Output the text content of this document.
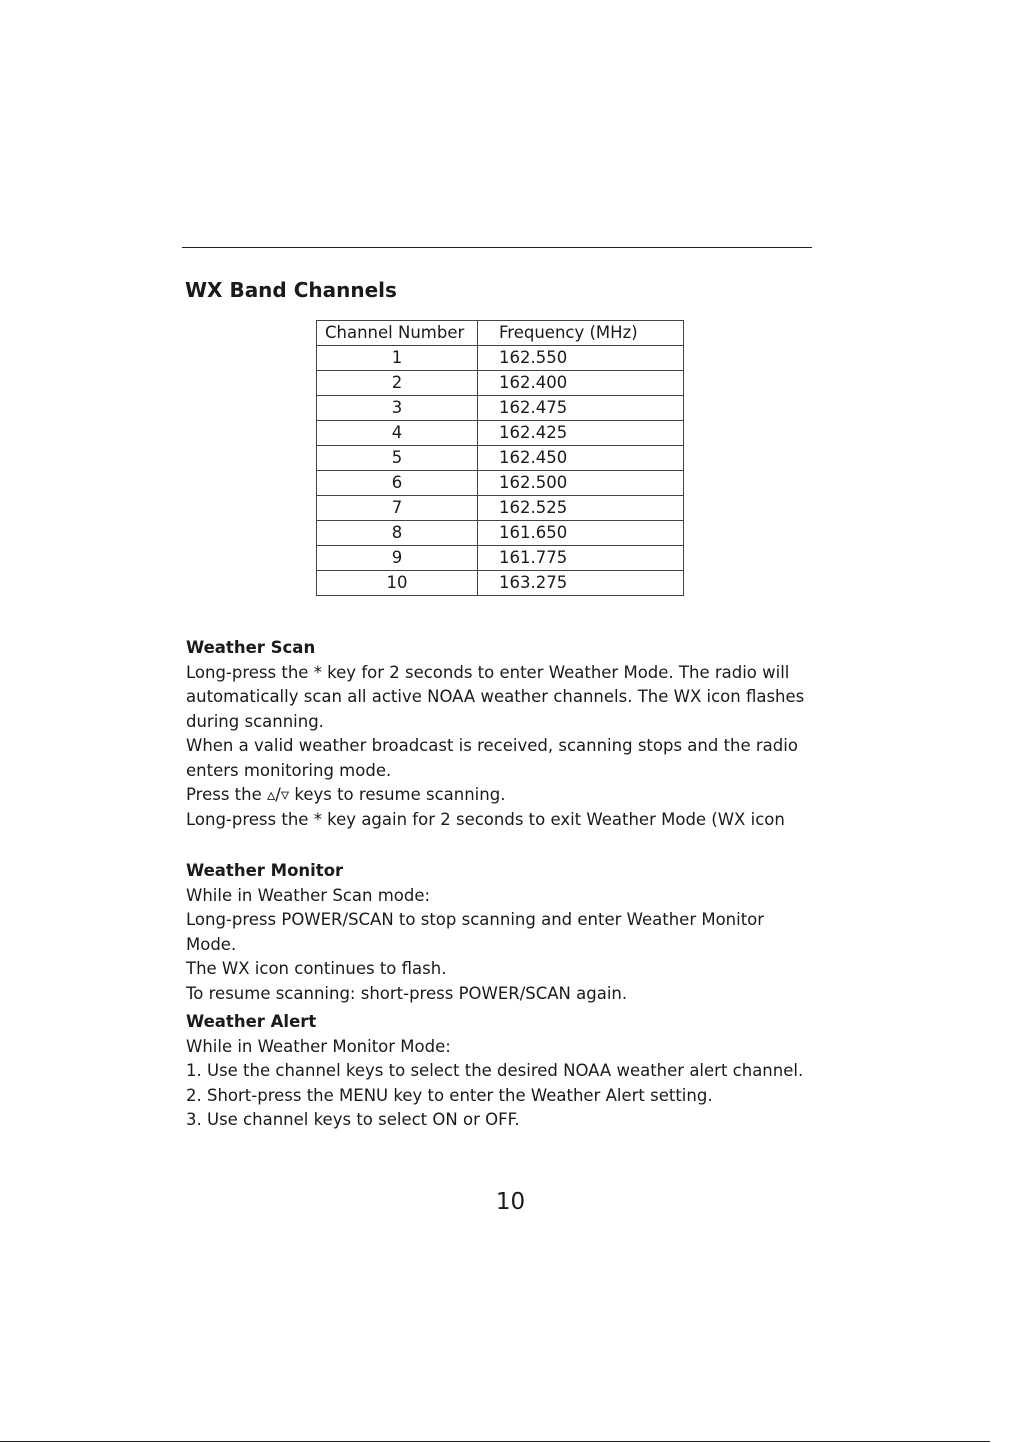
WX Band Channels
Channel Number	Frequency (MHz)
1	162.550
2	162.400
3	162.475
4	162.425
5	162.450
6	162.500
7	162.525
8	161.650
9	161.775
10	163.275
Weather Scan

Long-press the * key for 2 seconds to enter Weather Mode. The radio will

automatically scan all active NOAA weather channels. The WX icon flashes

during scanning.

When a valid weather broadcast is received, scanning stops and the radio

enters monitoring mode.

Press the ▵/▿ keys to resume scanning.

Long-press the * key again for 2 seconds to exit Weather Mode (WX icon

Weather Monitor

While in Weather Scan mode:

Long-press POWER/SCAN to stop scanning and enter Weather Monitor

Mode.

The WX icon continues to flash.

To resume scanning: short-press POWER/SCAN again.

Weather Alert

While in Weather Monitor Mode:

1. Use the channel keys to select the desired NOAA weather alert channel.

2. Short-press the MENU key to enter the Weather Alert setting.

3. Use channel keys to select ON or OFF.

10
